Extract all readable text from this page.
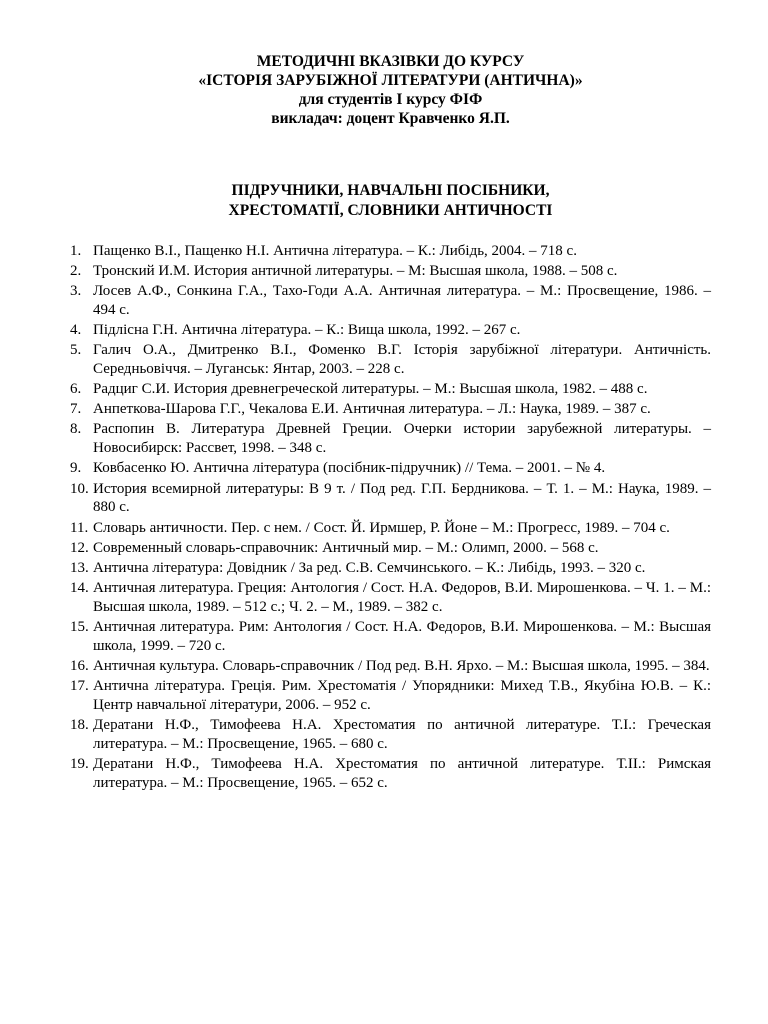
МЕТОДИЧНІ ВКАЗІВКИ ДО КУРСУ
«ІСТОРІЯ ЗАРУБІЖНОЇ ЛІТЕРАТУРИ (АНТИЧНА)»
для студентів І курсу ФІФ
викладач: доцент Кравченко Я.П.
ПІДРУЧНИКИ, НАВЧАЛЬНІ ПОСІБНИКИ,
ХРЕСТОМАТІЇ, СЛОВНИКИ АНТИЧНОСТІ
1. Пащенко В.І., Пащенко Н.І. Антична література. – К.: Либідь, 2004. – 718 с.
2. Тронский И.М. История античной литературы. – М: Высшая школа, 1988. – 508 с.
3. Лосев А.Ф., Сонкина Г.А., Тахо-Годи А.А. Античная литература. – М.: Просвещение, 1986. – 494 с.
4. Підлісна Г.Н. Антична література. – К.: Вища школа, 1992. – 267 с.
5. Галич О.А., Дмитренко В.І., Фоменко В.Г. Історія зарубіжної літератури. Античність. Середньовіччя. – Луганськ: Янтар, 2003. – 228 с.
6. Радциг С.И. История древнегреческой литературы. – М.: Высшая школа, 1982. – 488 с.
7. Анпеткова-Шарова Г.Г., Чекалова Е.И. Античная литература. – Л.: Наука, 1989. – 387 с.
8. Распопин В. Литература Древней Греции. Очерки истории зарубежной литературы. – Новосибирск: Рассвет, 1998. – 348 с.
9. Ковбасенко Ю. Антична література (посібник-підручник) // Тема. – 2001. – № 4.
10. История всемирной литературы: В 9 т. / Под ред. Г.П. Бердникова. – Т. 1. – М.: Наука, 1989. – 880 с.
11. Словарь античности. Пер. с нем. / Сост. Й. Ирмшер, Р. Йоне – М.: Прогресс, 1989. – 704 с.
12. Современный словарь-справочник: Античный мир. – М.: Олимп, 2000. – 568 с.
13. Антична література: Довідник / За ред. С.В. Семчинського. – К.: Либідь, 1993. – 320 с.
14. Античная литература. Греция: Антология / Сост. Н.А. Федоров, В.И. Мирошенкова. – Ч. 1. – М.: Высшая школа, 1989. – 512 с.; Ч. 2. – М., 1989. – 382 с.
15. Античная литература. Рим: Антология / Сост. Н.А. Федоров, В.И. Мирошенкова. – М.: Высшая школа, 1999. – 720 с.
16. Античная культура. Словарь-справочник / Под ред. В.Н. Ярхо. – М.: Высшая школа, 1995. – 384.
17. Антична література. Греція. Рим. Хрестоматія / Упорядники: Михед Т.В., Якубіна Ю.В. – К.: Центр навчальної літератури, 2006. – 952 с.
18. Дератани Н.Ф., Тимофеева Н.А. Хрестоматия по античной литературе. Т.І.: Греческая литература. – М.: Просвещение, 1965. – 680 с.
19. Дератани Н.Ф., Тимофеева Н.А. Хрестоматия по античной литературе. Т.ІІ.: Римская литература. – М.: Просвещение, 1965. – 652 с.
